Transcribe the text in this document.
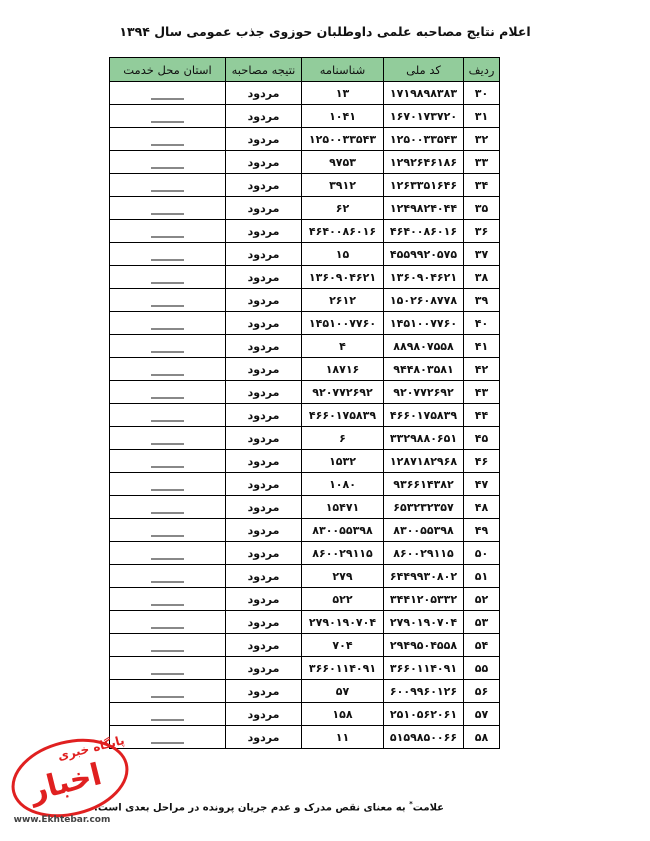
اعلام نتایج مصاحبه علمی داوطلبان حوزوی جذب عمومی سال ۱۳۹۴
ردیف	کد ملی	شناسنامه	نتیجه مصاحبه	استان محل خدمت
۳۰	۱۷۱۹۸۹۸۳۸۳	۱۳	مردود	______
۳۱	۱۶۷۰۱۷۳۷۲۰	۱۰۴۱	مردود	______
۳۲	۱۲۵۰۰۳۳۵۴۳	۱۲۵۰۰۳۳۵۴۳	مردود	______
۳۳	۱۲۹۲۶۴۶۱۸۶	۹۷۵۳	مردود	______
۳۴	۱۲۶۳۳۵۱۶۴۶	۳۹۱۲	مردود	______
۳۵	۱۲۴۹۸۲۴۰۴۴	۶۲	مردود	______
۳۶	۴۶۴۰۰۸۶۰۱۶	۴۶۴۰۰۸۶۰۱۶	مردود	______
۳۷	۴۵۵۹۹۲۰۵۷۵	۱۵	مردود	______
۳۸	۱۳۶۰۹۰۴۶۲۱	۱۳۶۰۹۰۴۶۲۱	مردود	______
۳۹	۱۵۰۲۶۰۸۷۷۸	۲۶۱۲	مردود	______
۴۰	۱۴۵۱۰۰۷۷۶۰	۱۴۵۱۰۰۷۷۶۰	مردود	______
۴۱	۸۸۹۸۰۷۵۵۸	۴	مردود	______
۴۲	۹۴۴۸۰۳۵۸۱	۱۸۷۱۶	مردود	______
۴۳	۹۲۰۷۷۲۶۹۲	۹۲۰۷۷۲۶۹۲	مردود	______
۴۴	۴۶۶۰۱۷۵۸۳۹	۴۶۶۰۱۷۵۸۳۹	مردود	______
۴۵	۳۳۲۹۸۸۰۶۵۱	۶	مردود	______
۴۶	۱۲۸۷۱۸۲۹۶۸	۱۵۳۲	مردود	______
۴۷	۹۳۶۶۱۴۳۸۲	۱۰۸۰	مردود	______
۴۸	۶۵۳۲۳۲۳۵۷	۱۵۴۷۱	مردود	______
۴۹	۸۳۰۰۵۵۳۹۸	۸۳۰۰۵۵۳۹۸	مردود	______
۵۰	۸۶۰۰۲۹۱۱۵	۸۶۰۰۲۹۱۱۵	مردود	______
۵۱	۶۴۴۹۹۳۰۸۰۲	۲۷۹	مردود	______
۵۲	۳۴۴۱۲۰۵۳۳۲	۵۲۲	مردود	______
۵۳	۲۷۹۰۱۹۰۷۰۴	۲۷۹۰۱۹۰۷۰۴	مردود	______
۵۴	۲۹۴۹۵۰۴۵۵۸	۷۰۴	مردود	______
۵۵	۳۶۶۰۱۱۴۰۹۱	۳۶۶۰۱۱۴۰۹۱	مردود	______
۵۶	۶۰۰۹۹۶۰۱۲۶	۵۷	مردود	______
۵۷	۲۵۱۰۵۶۲۰۶۱	۱۵۸	مردود	______
۵۸	۵۱۵۹۸۵۰۰۶۶	۱۱	مردود	______
علامت* به معنای نقص مدرک و عدم جریان پرونده در مراحل بعدی است.
پایگاه خبری
اخبار
www.Ekhtebar.com
